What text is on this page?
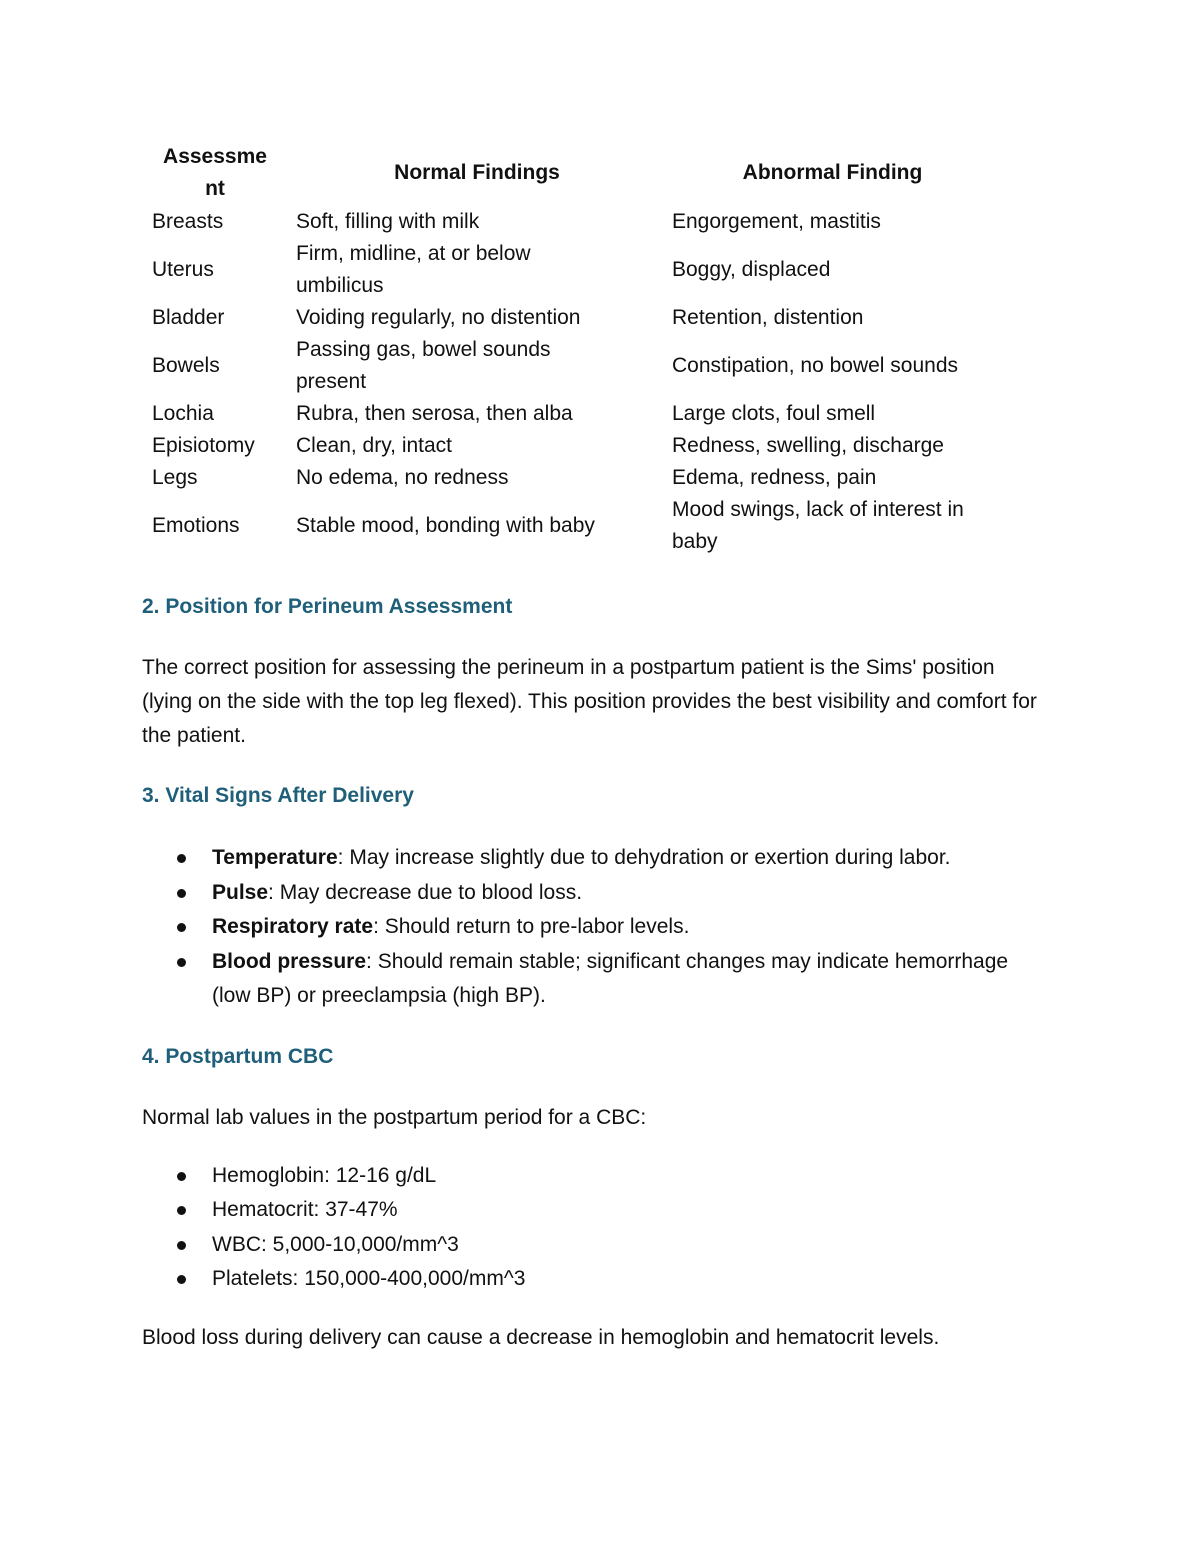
Assessme
nt	Normal Findings	Abnormal Finding
Breasts	Soft, filling with milk	Engorgement, mastitis
Uterus	Firm, midline, at or below umbilicus	Boggy, displaced
Bladder	Voiding regularly, no distention	Retention, distention
Bowels	Passing gas, bowel sounds present	Constipation, no bowel sounds
Lochia	Rubra, then serosa, then alba	Large clots, foul smell
Episiotomy	Clean, dry, intact	Redness, swelling, discharge
Legs	No edema, no redness	Edema, redness, pain
Emotions	Stable mood, bonding with baby	Mood swings, lack of interest in baby
2. Position for Perineum Assessment

The correct position for assessing the perineum in a postpartum patient is the Sims' position (lying on the side with the top leg flexed). This position provides the best visibility and comfort for the patient.

3. Vital Signs After Delivery
Temperature: May increase slightly due to dehydration or exertion during labor.
Pulse: May decrease due to blood loss.
Respiratory rate: Should return to pre-labor levels.
Blood pressure: Should remain stable; significant changes may indicate hemorrhage (low BP) or preeclampsia (high BP).
4. Postpartum CBC

Normal lab values in the postpartum period for a CBC:

Hemoglobin: 12-16 g/dL
Hematocrit: 37-47%
WBC: 5,000-10,000/mm^3
Platelets: 150,000-400,000/mm^3

Blood loss during delivery can cause a decrease in hemoglobin and hematocrit levels.
